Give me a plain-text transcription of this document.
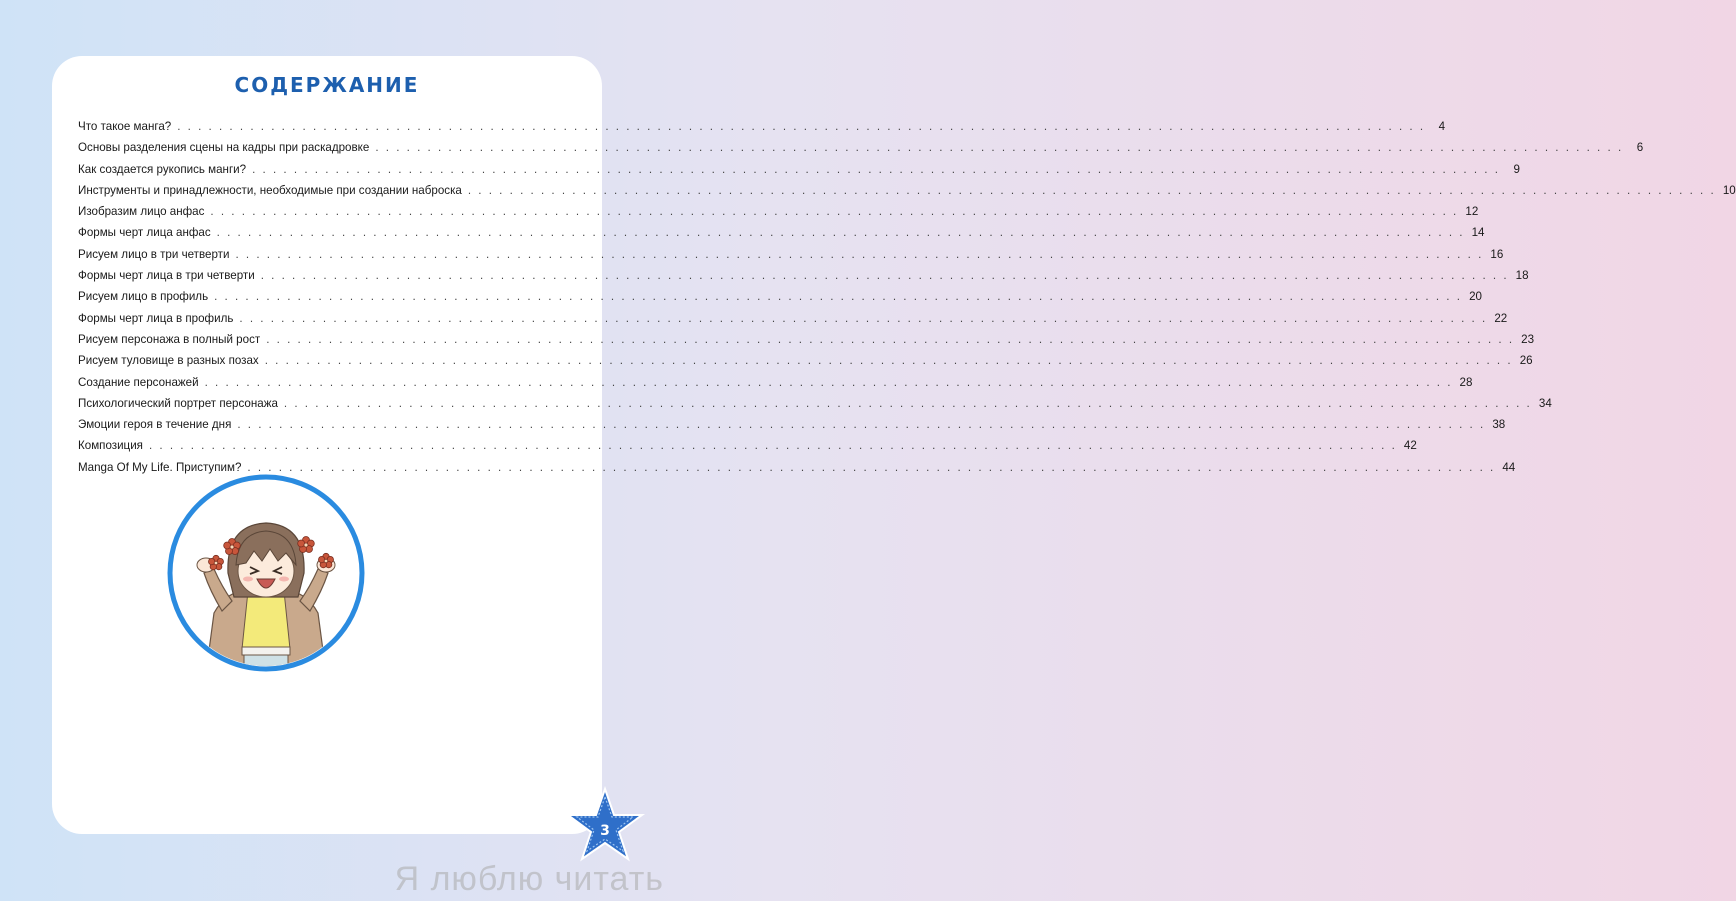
СОДЕРЖАНИЕ
Что такое манга? . . . . . . . . . . . . . . . . . . . . . . . . . . . . . . . . . . . . . . . . . . . . . . . . . . . . . . . . . . . . . . . . . . . . . . . . . . . . . . . . . . . . . . . . . . . . . . . . . . . . . . . . . . . . . . . . . . . . . . . .	4
Основы разделения сцены на кадры при раскадровке . . . . . . . . . . . . . . . . . . . . . . . . . . . . . . . . . . . . . . . . . . . . . . . . . . . . . . . . . . . . . . . . . . . . . . . . . . . . . . . . . . . . . . . . . . . . . . . . . . . . . . . . . . . . . . . . . . . . . . . .	6
Как создается рукопись манги? . . . . . . . . . . . . . . . . . . . . . . . . . . . . . . . . . . . . . . . . . . . . . . . . . . . . . . . . . . . . . . . . . . . . . . . . . . . . . . . . . . . . . . . . . . . . . . . . . . . . . . . . . . . . . . . . . . . . . . . .	9
Инструменты и принадлежности, необходимые при создании наброска . . . . . . . . . . . . . . . . . . . . . . . . . . . . . . . . . . . . . . . . . . . . . . . . . . . . . . . . . . . . . . . . . . . . . . . . . . . . . . . . . . . . . . . . . . . . . . . . . . . . . . . . . . . . . . . . . . . . . . . . 10
Изобразим лицо анфас . . . . . . . . . . . . . . . . . . . . . . . . . . . . . . . . . . . . . . . . . . . . . . . . . . . . . . . . . . . . . . . . . . . . . . . . . . . . . . . . . . . . . . . . . . . . . . . . . . . . . . . . . . . . . . . . . . . . . . . . 12
Формы черт лица анфас . . . . . . . . . . . . . . . . . . . . . . . . . . . . . . . . . . . . . . . . . . . . . . . . . . . . . . . . . . . . . . . . . . . . . . . . . . . . . . . . . . . . . . . . . . . . . . . . . . . . . . . . . . . . . . . . . . . . . . . . 14
Рисуем лицо в три четверти . . . . . . . . . . . . . . . . . . . . . . . . . . . . . . . . . . . . . . . . . . . . . . . . . . . . . . . . . . . . . . . . . . . . . . . . . . . . . . . . . . . . . . . . . . . . . . . . . . . . . . . . . . . . . . . . . . . . . . . . 16
Формы черт лица в три четверти . . . . . . . . . . . . . . . . . . . . . . . . . . . . . . . . . . . . . . . . . . . . . . . . . . . . . . . . . . . . . . . . . . . . . . . . . . . . . . . . . . . . . . . . . . . . . . . . . . . . . . . . . . . . . . . . . . . . . . . . 18
Рисуем лицо в профиль . . . . . . . . . . . . . . . . . . . . . . . . . . . . . . . . . . . . . . . . . . . . . . . . . . . . . . . . . . . . . . . . . . . . . . . . . . . . . . . . . . . . . . . . . . . . . . . . . . . . . . . . . . . . . . . . . . . . . . . . 20
Формы черт лица в профиль . . . . . . . . . . . . . . . . . . . . . . . . . . . . . . . . . . . . . . . . . . . . . . . . . . . . . . . . . . . . . . . . . . . . . . . . . . . . . . . . . . . . . . . . . . . . . . . . . . . . . . . . . . . . . . . . . . . . . . . . 22
Рисуем персонажа в полный рост . . . . . . . . . . . . . . . . . . . . . . . . . . . . . . . . . . . . . . . . . . . . . . . . . . . . . . . . . . . . . . . . . . . . . . . . . . . . . . . . . . . . . . . . . . . . . . . . . . . . . . . . . . . . . . . . . . . . . . . . 23
Рисуем туловище в разных позах . . . . . . . . . . . . . . . . . . . . . . . . . . . . . . . . . . . . . . . . . . . . . . . . . . . . . . . . . . . . . . . . . . . . . . . . . . . . . . . . . . . . . . . . . . . . . . . . . . . . . . . . . . . . . . . . . . . . . . . . 26
Создание персонажей . . . . . . . . . . . . . . . . . . . . . . . . . . . . . . . . . . . . . . . . . . . . . . . . . . . . . . . . . . . . . . . . . . . . . . . . . . . . . . . . . . . . . . . . . . . . . . . . . . . . . . . . . . . . . . . . . . . . . . . . 28
Психологический портрет персонажа . . . . . . . . . . . . . . . . . . . . . . . . . . . . . . . . . . . . . . . . . . . . . . . . . . . . . . . . . . . . . . . . . . . . . . . . . . . . . . . . . . . . . . . . . . . . . . . . . . . . . . . . . . . . . . . . . . . . . . . . 34
Эмоции героя в течение дня . . . . . . . . . . . . . . . . . . . . . . . . . . . . . . . . . . . . . . . . . . . . . . . . . . . . . . . . . . . . . . . . . . . . . . . . . . . . . . . . . . . . . . . . . . . . . . . . . . . . . . . . . . . . . . . . . . . . . . . . 38
Композиция . . . . . . . . . . . . . . . . . . . . . . . . . . . . . . . . . . . . . . . . . . . . . . . . . . . . . . . . . . . . . . . . . . . . . . . . . . . . . . . . . . . . . . . . . . . . . . . . . . . . . . . . . . . . . . . . . . . . . . . . 42
Manga Of My Life. Приступим? . . . . . . . . . . . . . . . . . . . . . . . . . . . . . . . . . . . . . . . . . . . . . . . . . . . . . . . . . . . . . . . . . . . . . . . . . . . . . . . . . . . . . . . . . . . . . . . . . . . . . . . . . . . . . . . . . . . . . . . . 44
3
Я люблю читать
